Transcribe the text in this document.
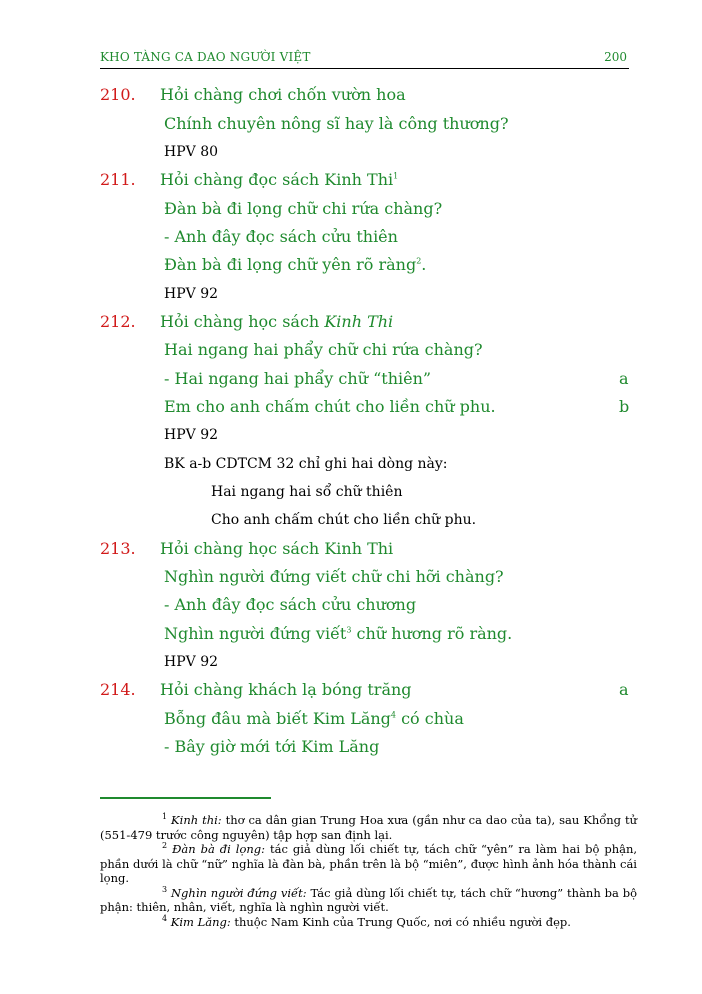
KHO TÀNG CA DAO NGƯỜI VIỆT	200
210. Hỏi chàng chơi chốn vườn hoa
Chính chuyên nông sĩ hay là công thương?
HPV 80
211. Hỏi chàng đọc sách Kinh Thi$^1$
Đàn bà đi lọng chữ chi rứa chàng?
- Anh đây đọc sách cửu thiên
Đàn bà đi lọng chữ yên rõ ràng$^2$.
HPV 92
212. Hỏi chàng học sách Kinh Thi
Hai ngang hai phẩy chữ chi rứa chàng?
- Hai ngang hai phẩy chữ “thiên”	a
Em cho anh chấm chút cho liền chữ phu.	b
HPV 92
BK a-b CDTCM 32 chỉ ghi hai dòng này:
Hai ngang hai sổ chữ thiên
Cho anh chấm chút cho liền chữ phu.
213. Hỏi chàng học sách Kinh Thi
Nghìn người đứng viết chữ chi hỡi chàng?
- Anh đây đọc sách cửu chương
Nghìn người đứng viết$^3$ chữ hương rõ ràng.
HPV 92
214. Hỏi chàng khách lạ bóng trăng	a
Bỗng đâu mà biết Kim Lăng$^4$ có chùa
- Bây giờ mới tới Kim Lăng

$^1$ Kinh thi: thơ ca dân gian Trung Hoa xưa (gần như ca dao của ta), sau Khổng tử (551-479 trước công nguyên) tập hợp san định lại.

$^2$ Đàn bà đi lọng: tác giả dùng lối chiết tự, tách chữ “yên” ra làm hai bộ phận, phần dưới là chữ “nữ” nghĩa là đàn bà, phần trên là bộ “miên”, được hình ảnh hóa thành cái lọng.

$^3$ Nghìn người đứng viết: Tác giả dùng lối chiết tự, tách chữ “hương” thành ba bộ phận: thiên, nhân, viết, nghĩa là nghìn người viết.

$^4$ Kim Lăng: thuộc Nam Kinh của Trung Quốc, nơi có nhiều người đẹp.
